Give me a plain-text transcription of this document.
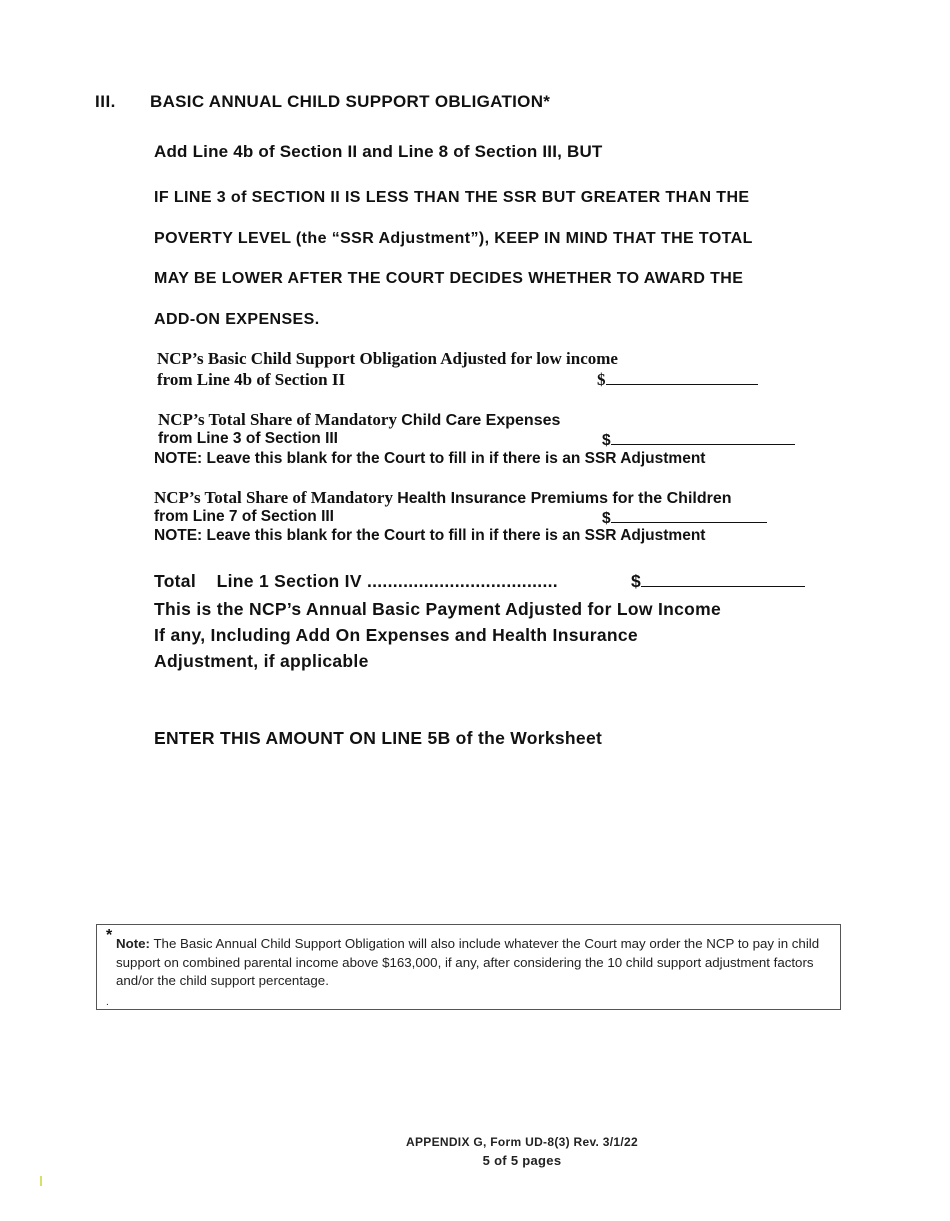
III. BASIC ANNUAL CHILD SUPPORT OBLIGATION*
Add Line 4b of Section II and Line 8 of Section III, BUT
IF LINE 3 of SECTION II IS LESS THAN THE SSR BUT GREATER THAN THE
POVERTY LEVEL (the “SSR Adjustment”), KEEP IN MIND THAT THE TOTAL
MAY BE LOWER AFTER THE COURT DECIDES WHETHER TO AWARD THE
ADD-ON EXPENSES.
NCP’s Basic Child Support Obligation Adjusted for low income
from Line 4b of Section II	$
NCP’s Total Share of Mandatory Child Care Expenses
from Line 3 of Section III	$
NOTE: Leave this blank for the Court to fill in if there is an SSR Adjustment
NCP’s Total Share of Mandatory Health Insurance Premiums for the Children
from Line 7 of Section III	$
NOTE: Leave this blank for the Court to fill in if there is an SSR Adjustment
Total    Line 1 Section IV .....................................	$
This is the NCP’s Annual Basic Payment Adjusted for Low Income
If any, Including Add On Expenses and Health Insurance
Adjustment, if applicable
ENTER THIS AMOUNT ON LINE 5B of the Worksheet
* Note: The Basic Annual Child Support Obligation will also include whatever the Court may order the NCP to pay in child support on combined parental income above $163,000, if any, after considering the 10 child support adjustment factors and/or the child support percentage.
.
APPENDIX G, Form UD-8(3) Rev. 3/1/22
5 of 5 pages
